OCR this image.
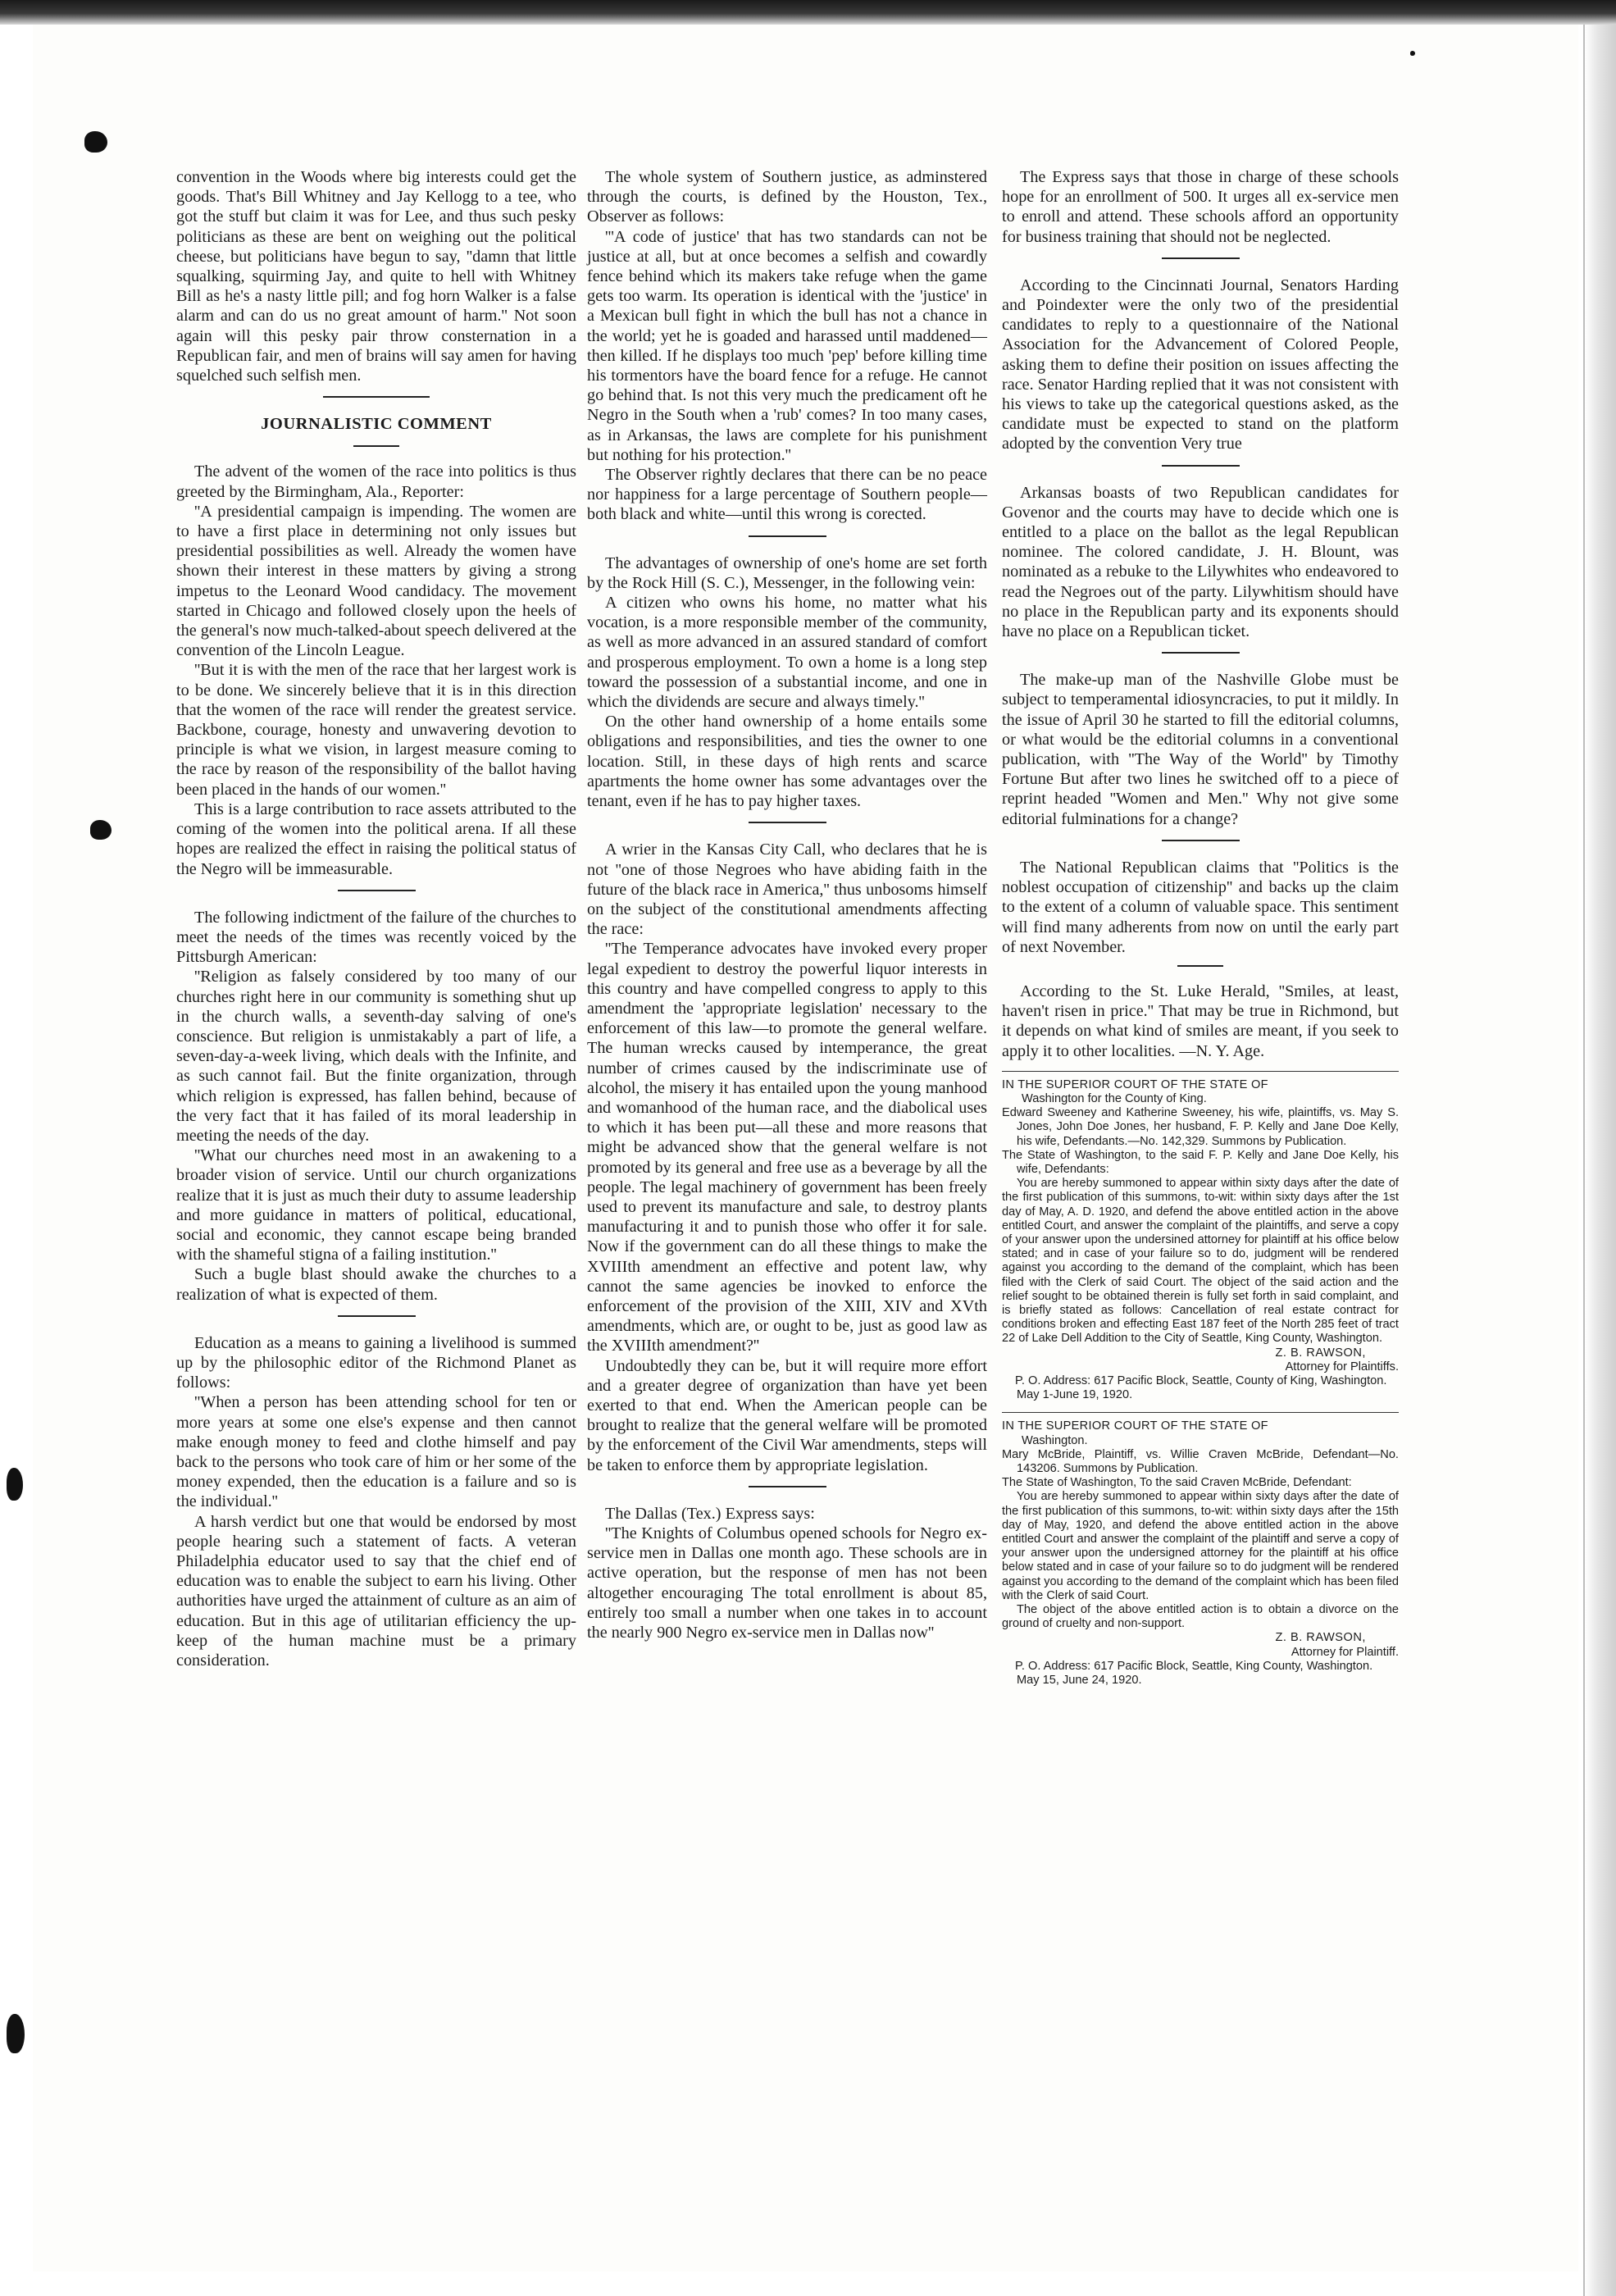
convention in the Woods where big interests could get the goods. That's Bill Whitney and Jay Kellogg to a tee, who got the stuff but claim it was for Lee, and thus such pesky politicians as these are bent on weighing out the political cheese, but politicians have begun to say, ''damn that little squalking, squirming Jay, and quite to hell with Whitney Bill as he's a nasty little pill; and fog horn Walker is a false alarm and can do us no great amount of harm.'' Not soon again will this pesky pair throw consternation in a Republican fair, and men of brains will say amen for having squelched such selfish men.

JOURNALISTIC COMMENT

The advent of the women of the race into politics is thus greeted by the Birmingham, Ala., Reporter:

''A presidential campaign is impending. The women are to have a first place in determining not only issues but presidential possibilities as well. Already the women have shown their interest in these matters by giving a strong impetus to the Leonard Wood candidacy. The movement started in Chicago and followed closely upon the heels of the general's now much-talked-about speech delivered at the convention of the Lincoln League.

''But it is with the men of the race that her largest work is to be done. We sincerely believe that it is in this direction that the women of the race will render the greatest service. Backbone, courage, honesty and unwavering devotion to principle is what we vision, in largest measure coming to the race by reason of the responsibility of the ballot having been placed in the hands of our women.''

This is a large contribution to race assets attributed to the coming of the women into the political arena. If all these hopes are realized the effect in raising the political status of the Negro will be immeasurable.

The following indictment of the failure of the churches to meet the needs of the times was recently voiced by the Pittsburgh American:

''Religion as falsely considered by too many of our churches right here in our community is something shut up in the church walls, a seventh-day salving of one's conscience. But religion is unmistakably a part of life, a seven-day-a-week living, which deals with the Infinite, and as such cannot fail. But the finite organization, through which religion is expressed, has fallen behind, because of the very fact that it has failed of its moral leadership in meeting the needs of the day.

''What our churches need most in an awakening to a broader vision of service. Until our church organizations realize that it is just as much their duty to assume leadership and more guidance in matters of political, educational, social and economic, they cannot escape being branded with the shameful stigna of a failing institution.''

Such a bugle blast should awake the churches to a realization of what is expected of them.

Education as a means to gaining a livelihood is summed up by the philosophic editor of the Richmond Planet as follows:

''When a person has been attending school for ten or more years at some one else's expense and then cannot make enough money to feed and clothe himself and pay back to the persons who took care of him or her some of the money expended, then the education is a failure and so is the individual.''

A harsh verdict but one that would be endorsed by most people hearing such a statement of facts. A veteran Philadelphia educator used to say that the chief end of education was to enable the subject to earn his living. Other authorities have urged the attainment of culture as an aim of education. But in this age of utilitarian efficiency the up-keep of the human machine must be a primary consideration.

The whole system of Southern justice, as adminstered through the courts, is defined by the Houston, Tex., Observer as follows:

'''A code of justice' that has two standards can not be justice at all, but at once becomes a selfish and cowardly fence behind which its makers take refuge when the game gets too warm. Its operation is identical with the 'justice' in a Mexican bull fight in which the bull has not a chance in the world; yet he is goaded and harassed until maddened—then killed. If he displays too much 'pep' before killing time his tormentors have the board fence for a refuge. He cannot go behind that. Is not this very much the predicament oft he Negro in the South when a 'rub' comes? In too many cases, as in Arkansas, the laws are complete for his punishment but nothing for his protection.''

The Observer rightly declares that there can be no peace nor happiness for a large percentage of Southern people—both black and white—until this wrong is corected.

The advantages of ownership of one's home are set forth by the Rock Hill (S. C.), Messenger, in the following vein:

A citizen who owns his home, no matter what his vocation, is a more responsible member of the community, as well as more advanced in an assured standard of comfort and prosperous employment. To own a home is a long step toward the possession of a substantial income, and one in which the dividends are secure and always timely.''

On the other hand ownership of a home entails some obligations and responsibilities, and ties the owner to one location. Still, in these days of high rents and scarce apartments the home owner has some advantages over the tenant, even if he has to pay higher taxes.

A wrier in the Kansas City Call, who declares that he is not ''one of those Negroes who have abiding faith in the future of the black race in America,'' thus unbosoms himself on the subject of the constitutional amendments affecting the race:

''The Temperance advocates have invoked every proper legal expedient to destroy the powerful liquor interests in this country and have compelled congress to apply to this amendment the 'appropriate legislation' necessary to the enforcement of this law—to promote the general welfare. The human wrecks caused by intemperance, the great number of crimes caused by the indiscriminate use of alcohol, the misery it has entailed upon the young manhood and womanhood of the human race, and the diabolical uses to which it has been put—all these and more reasons that might be advanced show that the general welfare is not promoted by its general and free use as a beverage by all the people. The legal machinery of government has been freely used to prevent its manufacture and sale, to destroy plants manufacturing it and to punish those who offer it for sale. Now if the government can do all these things to make the XVIIIth amendment an effective and potent law, why cannot the same agencies be inovked to enforce the enforcement of the provision of the XIII, XIV and XVth amendments, which are, or ought to be, just as good law as the XVIIIth amendment?''

Undoubtedly they can be, but it will require more effort and a greater degree of organization than have yet been exerted to that end. When the American people can be brought to realize that the general welfare will be promoted by the enforcement of the Civil War amendments, steps will be taken to enforce them by appropriate legislation.

The Dallas (Tex.) Express says:

''The Knights of Columbus opened schools for Negro ex-service men in Dallas one month ago. These schools are in active operation, but the response of men has not been altogether encouraging The total enrollment is about 85, entirely too small a number when one takes in to account the nearly 900 Negro ex-service men in Dallas now''

The Express says that those in charge of these schools hope for an enrollment of 500. It urges all ex-service men to enroll and attend. These schools afford an opportunity for business training that should not be neglected.

According to the Cincinnati Journal, Senators Harding and Poindexter were the only two of the presidential candidates to reply to a questionnaire of the National Association for the Advancement of Colored People, asking them to define their position on issues affecting the race. Senator Harding replied that it was not consistent with his views to take up the categorical questions asked, as the candidate must be expected to stand on the platform adopted by the convention Very true

Arkansas boasts of two Republican candidates for Govenor and the courts may have to decide which one is entitled to a place on the ballot as the legal Republican nominee. The colored candidate, J. H. Blount, was nominated as a rebuke to the Lilywhites who endeavored to read the Negroes out of the party. Lilywhitism should have no place in the Republican party and its exponents should have no place on a Republican ticket.

The make-up man of the Nashville Globe must be subject to temperamental idiosyncracies, to put it mildly. In the issue of April 30 he started to fill the editorial columns, or what would be the editorial columns in a conventional publication, with ''The Way of the World'' by Timothy Fortune But after two lines he switched off to a piece of reprint headed ''Women and Men.'' Why not give some editorial fulminations for a change?

The National Republican claims that ''Politics is the noblest occupation of citizenship'' and backs up the claim to the extent of a column of valuable space. This sentiment will find many adherents from now on until the early part of next November.

According to the St. Luke Herald, ''Smiles, at least, haven't risen in price.'' That may be true in Richmond, but it depends on what kind of smiles are meant, if you seek to apply it to other localities. —N. Y. Age.

IN THE SUPERIOR COURT OF THE STATE OF
Washington for the County of King.
Edward Sweeney and Katherine Sweeney, his wife, plaintiffs, vs. May S. Jones, John Doe Jones, her husband, F. P. Kelly and Jane Doe Kelly, his wife, Defendants.—No. 142,329. Summons by Publication.
The State of Washington, to the said F. P. Kelly and Jane Doe Kelly, his wife, Defendants:
You are hereby summoned to appear within sixty days after the date of the first publication of this summons, to-wit: within sixty days after the 1st day of May, A. D. 1920, and defend the above entitled action in the above entitled Court, and answer the complaint of the plaintiffs, and serve a copy of your answer upon the undersined attorney for plaintiff at his office below stated; and in case of your failure so to do, judgment will be rendered against you according to the demand of the complaint, which has been filed with the Clerk of said Court. The object of the said action and the relief sought to be obtained therein is fully set forth in said complaint, and is briefly stated as follows: Cancellation of real estate contract for conditions broken and effecting East 187 feet of the North 285 feet of tract 22 of Lake Dell Addition to the City of Seattle, King County, Washington.
Z. B. RAWSON,
Attorney for Plaintiffs.
P. O. Address: 617 Pacific Block, Seattle, County of King, Washington.
May 1-June 19, 1920.
IN THE SUPERIOR COURT OF THE STATE OF
Washington.
Mary McBride, Plaintiff, vs. Willie Craven McBride, Defendant—No. 143206. Summons by Publication.
The State of Washington, To the said Craven McBride, Defendant:
You are hereby summoned to appear within sixty days after the date of the first publication of this summons, to-wit: within sixty days after the 15th day of May, 1920, and defend the above entitled action in the above entitled Court and answer the complaint of the plaintiff and serve a copy of your answer upon the undersigned attorney for the plaintiff at his office below stated and in case of your failure so to do judgment will be rendered against you according to the demand of the complaint which has been filed with the Clerk of said Court.
The object of the above entitled action is to obtain a divorce on the ground of cruelty and non-support.
Z. B. RAWSON,
Attorney for Plaintiff.
P. O. Address: 617 Pacific Block, Seattle, King County, Washington.
May 15, June 24, 1920.
